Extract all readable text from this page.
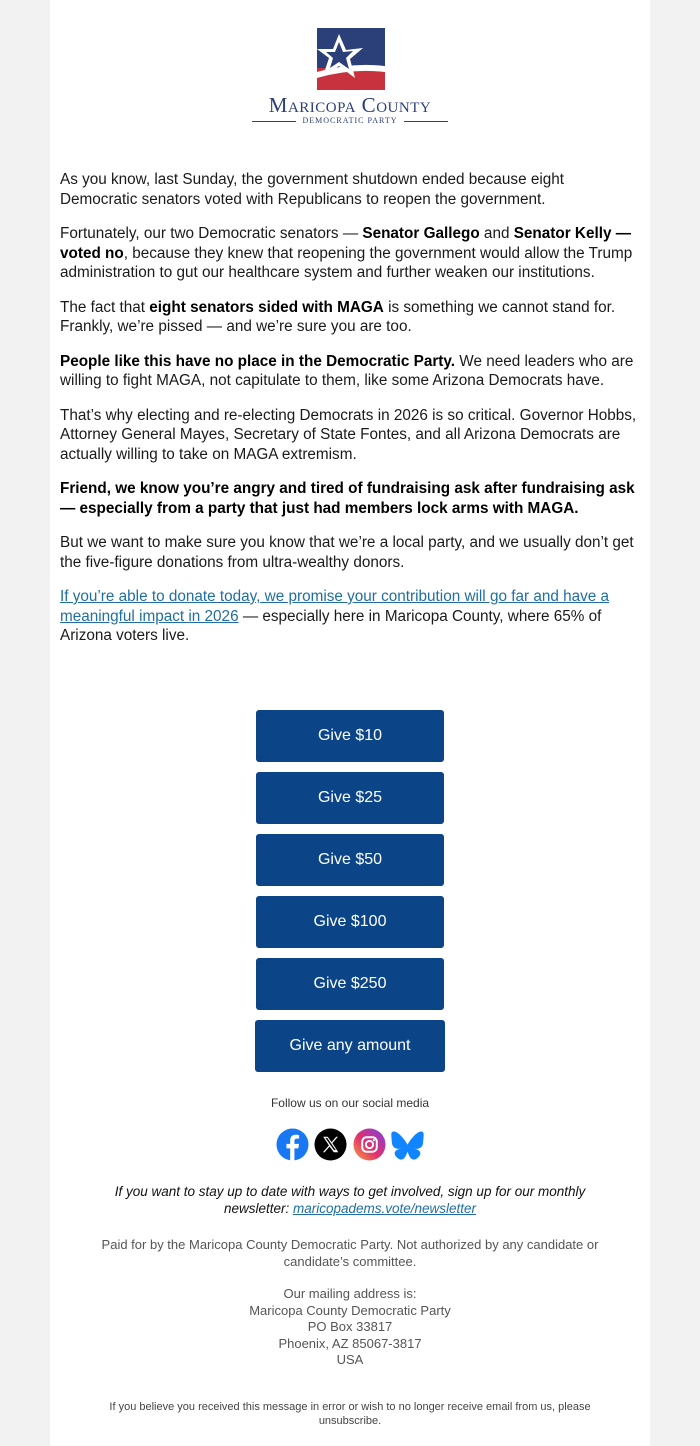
Maricopa County
DEMOCRATIC PARTY

As you know, last Sunday, the government shutdown ended because eight Democratic senators voted with Republicans to reopen the government.

Fortunately, our two Democratic senators — Senator Gallego and Senator Kelly — voted no, because they knew that reopening the government would allow the Trump administration to gut our healthcare system and further weaken our institutions.

The fact that eight senators sided with MAGA is something we cannot stand for. Frankly, we’re pissed — and we’re sure you are too.

People like this have no place in the Democratic Party. We need leaders who are willing to fight MAGA, not capitulate to them, like some Arizona Democrats have.

That’s why electing and re-electing Democrats in 2026 is so critical. Governor Hobbs, Attorney General Mayes, Secretary of State Fontes, and all Arizona Democrats are actually willing to take on MAGA extremism.

Friend, we know you’re angry and tired of fundraising ask after fundraising ask — especially from a party that just had members lock arms with MAGA.

But we want to make sure you know that we’re a local party, and we usually don’t get the five-figure donations from ultra-wealthy donors.

If you’re able to donate today, we promise your contribution will go far and have a meaningful impact in 2026 — especially here in Maricopa County, where 65% of Arizona voters live.

Give $10
Give $25
Give $50
Give $100
Give $250
Give any amount
Follow us on our social media
If you want to stay up to date with ways to get involved, sign up for our monthly newsletter: maricopadems.vote/newsletter

Paid for by the Maricopa County Democratic Party. Not authorized by any candidate or candidate’s committee.

Our mailing address is:
Maricopa County Democratic Party
PO Box 33817
Phoenix, AZ 85067-3817
USA
If you believe you received this message in error or wish to no longer receive email from us, please unsubscribe.
